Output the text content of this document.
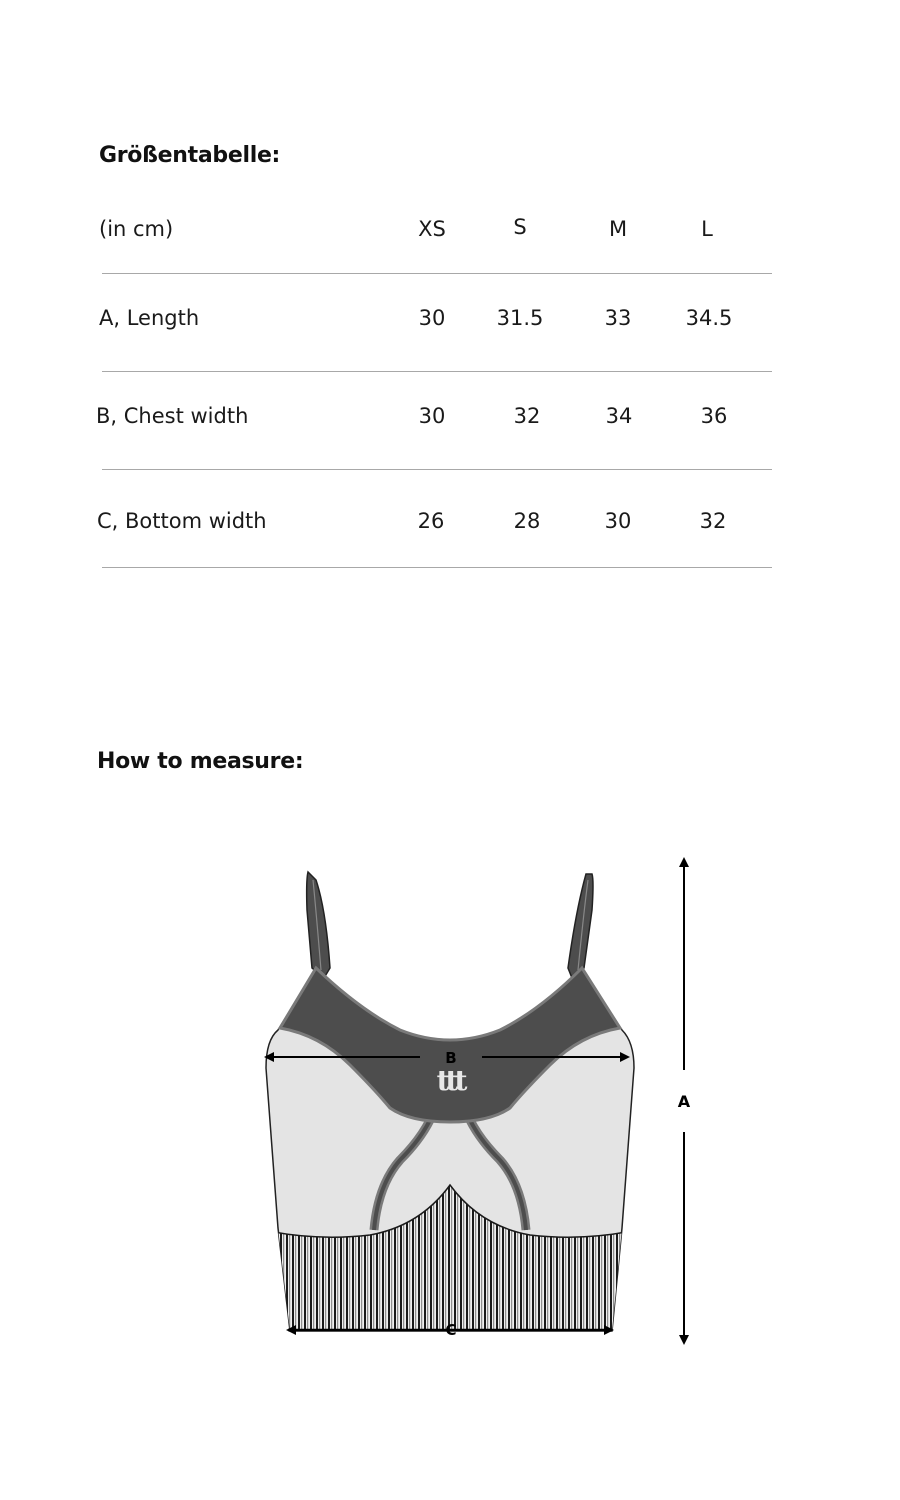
Größentabelle:
(in cm)	XS	S	M	L
A, Length	30	31.5	33	34.5
B, Chest width	30	32	34	36
C, Bottom width	26	28	30	32
How to measure:
ttt
B
C
A
